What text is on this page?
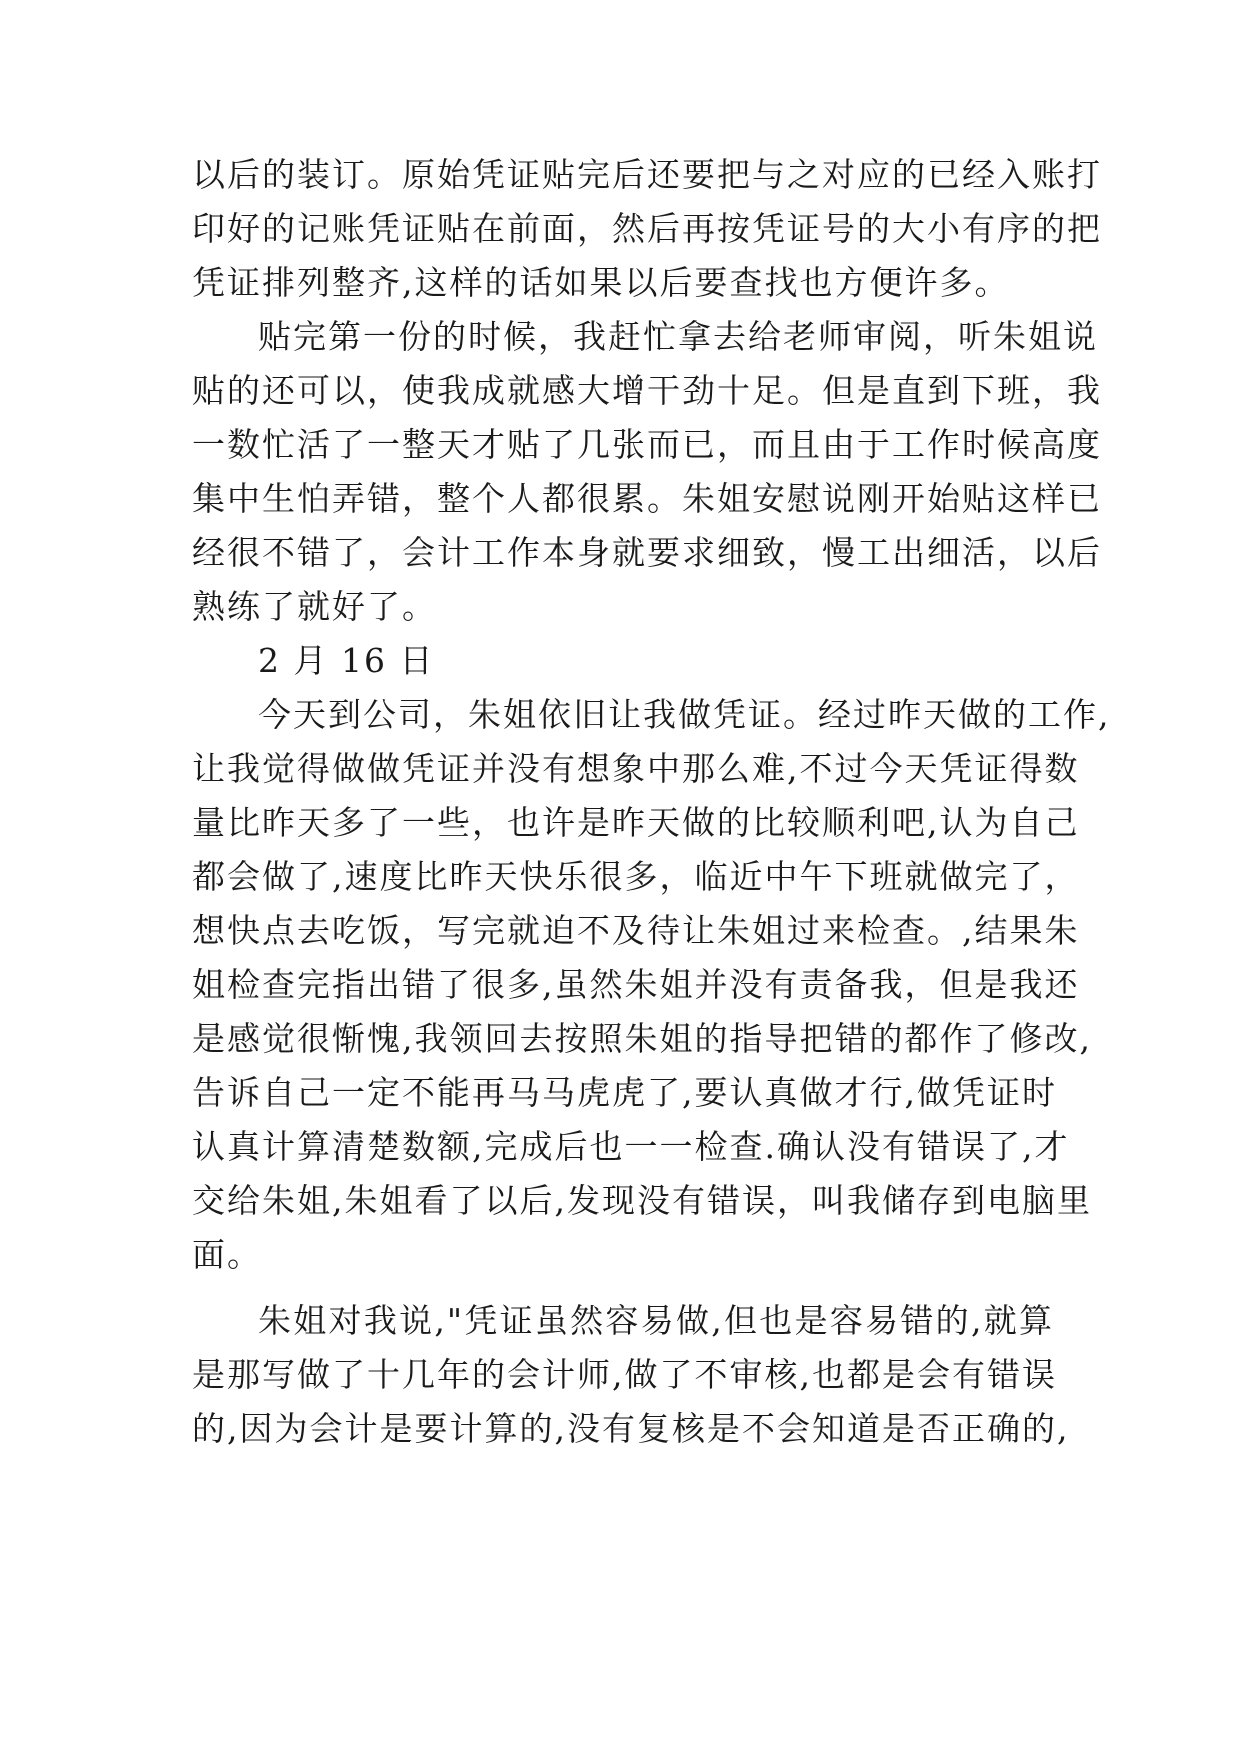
以后的装订。原始凭证贴完后还要把与之对应的已经入账打
印好的记账凭证贴在前面，然后再按凭证号的大小有序的把
凭证排列整齐,这样的话如果以后要查找也方便许多。
贴完第一份的时候，我赶忙拿去给老师审阅，听朱姐说
贴的还可以，使我成就感大增干劲十足。但是直到下班，我
一数忙活了一整天才贴了几张而已，而且由于工作时候高度
集中生怕弄错，整个人都很累。朱姐安慰说刚开始贴这样已
经很不错了，会计工作本身就要求细致，慢工出细活，以后
熟练了就好了。
2 月 16 日
今天到公司，朱姐依旧让我做凭证。经过昨天做的工作,
让我觉得做做凭证并没有想象中那么难,不过今天凭证得数
量比昨天多了一些，也许是昨天做的比较顺利吧,认为自己
都会做了,速度比昨天快乐很多，临近中午下班就做完了，
想快点去吃饭，写完就迫不及待让朱姐过来检查。,结果朱
姐检查完指出错了很多,虽然朱姐并没有责备我，但是我还
是感觉很惭愧,我领回去按照朱姐的指导把错的都作了修改,
告诉自己一定不能再马马虎虎了,要认真做才行,做凭证时
认真计算清楚数额,完成后也一一检查.确认没有错误了,才
交给朱姐,朱姐看了以后,发现没有错误，叫我储存到电脑里
面。
朱姐对我说,"凭证虽然容易做,但也是容易错的,就算
是那写做了十几年的会计师,做了不审核,也都是会有错误
的,因为会计是要计算的,没有复核是不会知道是否正确的,
